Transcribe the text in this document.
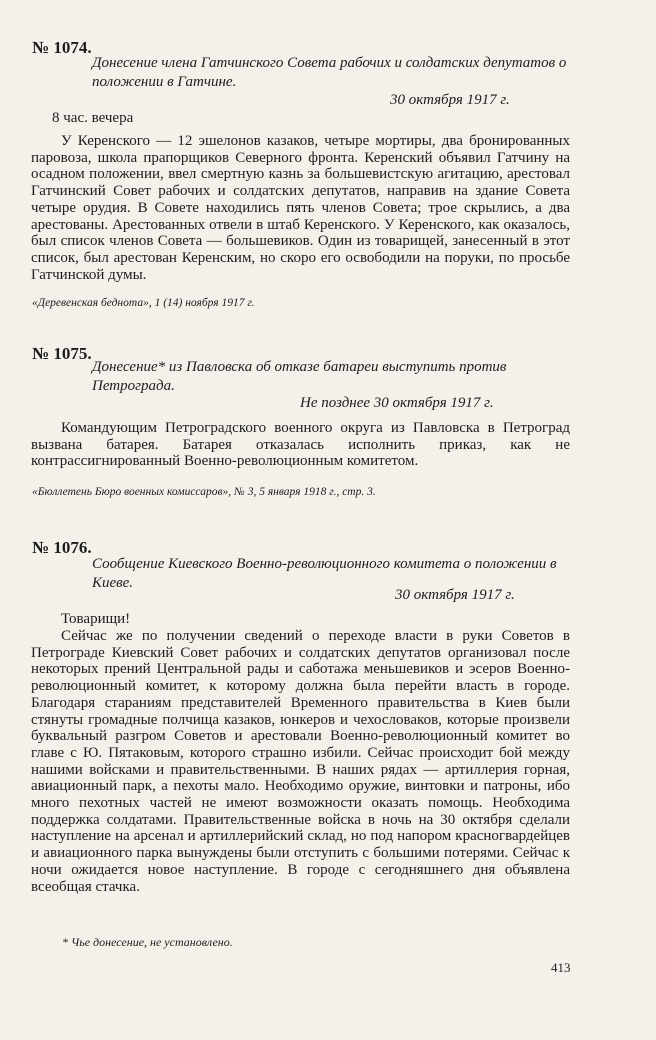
№ 1074.
Донесение члена Гатчинского Совета рабочих и солдатских депутатов о положении в Гатчине.
30 октября 1917 г.
8 час. вечера

У Керенского — 12 эшелонов казаков, четыре мортиры, два бронированных паровоза, школа прапорщиков Северного фронта. Керенский объявил Гатчину на осадном положении, ввел смертную казнь за большевистскую агитацию, арестовал Гатчинский Совет рабочих и солдатских депутатов, направив на здание Совета четыре орудия. В Совете находились пять членов Совета; трое скрылись, а два арестованы. Арестованных отвели в штаб Керенского. У Керенского, как оказалось, был список членов Совета — большевиков. Один из товарищей, занесенный в этот список, был арестован Керенским, но скоро его освободили на поруки, по просьбе Гатчинской думы.

«Деревенская беднота», 1 (14) ноября 1917 г.
№ 1075.
Донесение* из Павловска об отказе батареи выступить против Петрограда.
Не позднее 30 октября 1917 г.

Командующим Петроградского военного округа из Павловска в Петроград вызвана батарея. Батарея отказалась исполнить приказ, как не контрассигнированный Военно-революционным комитетом.

«Бюллетень Бюро военных комиссаров», № 3, 5 января 1918 г., стр. 3.
№ 1076.
Сообщение Киевского Военно-революционного комитета о положении в Киеве.
30 октября 1917 г.
Товарищи!

Сейчас же по получении сведений о переходе власти в руки Советов в Петрограде Киевский Совет рабочих и солдатских депутатов организовал после некоторых прений Центральной рады и саботажа меньшевиков и эсеров Военно-революционный комитет, к которому должна была перейти власть в городе. Благодаря стараниям представителей Временного правительства в Киев были стянуты громадные полчища казаков, юнкеров и чехословаков, которые произвели буквальный разгром Советов и арестовали Военно-революционный комитет во главе с Ю. Пятаковым, которого страшно избили. Сейчас происходит бой между нашими войсками и правительственными. В наших рядах — артиллерия горная, авиационный парк, а пехоты мало. Необходимо оружие, винтовки и патроны, ибо много пехотных частей не имеют возможности оказать помощь. Необходима поддержка солдатами. Правительственные войска в ночь на 30 октября сделали наступление на арсенал и артиллерийский склад, но под напором красногвардейцев и авиационного парка вынуждены были отступить с большими потерями. Сейчас к ночи ожидается новое наступление. В городе с сегодняшнего дня объявлена всеобщая стачка.

* Чье донесение, не установлено.
413
